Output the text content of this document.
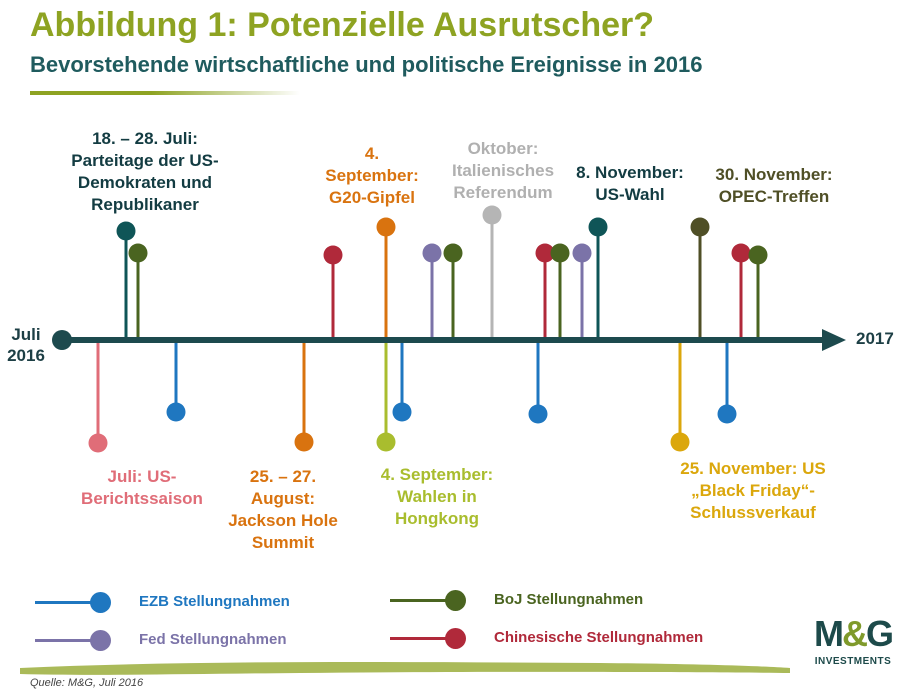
Abbildung 1: Potenzielle Ausrutscher?
Bevorstehende wirtschaftliche und politische Ereignisse in 2016
Juli 2016
2017
18. – 28. Juli:
Parteitage der US-
Demokraten und
Republikaner
4.
September:
G20-Gipfel
Oktober:
Italienisches
Referendum
8. November:
US-Wahl
30. November:
OPEC-Treffen
Juli: US-
Berichtssaison
25. – 27.
August:
Jackson Hole
Summit
4. September:
Wahlen in
Hongkong
25. November: US
„Black Friday“-
Schlussverkauf
EZB Stellungnahmen
Fed Stellungnahmen
BoJ Stellungnahmen
Chinesische Stellungnahmen
Quelle: M&G, Juli 2016
M&G
INVESTMENTS
